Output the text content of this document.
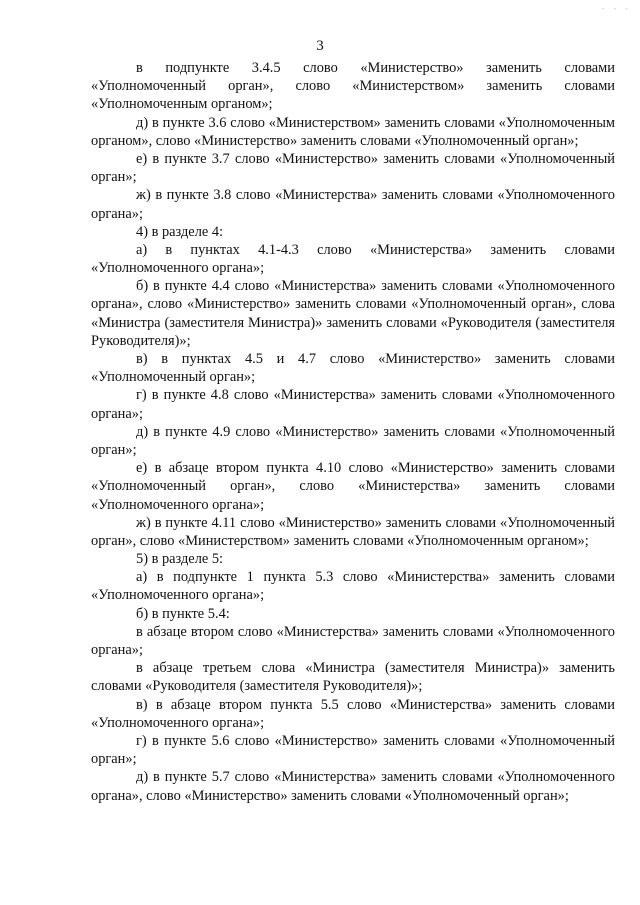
- - -
3

в подпункте 3.4.5 слово «Министерство» заменить словами «Уполномоченный орган», слово «Министерством» заменить словами «Уполномоченным органом»;

д) в пункте 3.6 слово «Министерством» заменить словами «Уполномоченным органом», слово «Министерство» заменить словами «Уполномоченный орган»;

е) в пункте 3.7 слово «Министерство» заменить словами «Уполномоченный орган»;

ж) в пункте 3.8 слово «Министерства» заменить словами «Уполномоченного органа»;

4) в разделе 4:

а) в пунктах 4.1-4.3 слово «Министерства» заменить словами «Уполномоченного органа»;

б) в пункте 4.4 слово «Министерства» заменить словами «Уполномоченного органа», слово «Министерство» заменить словами «Уполномоченный орган», слова «Министра (заместителя Министра)» заменить словами «Руководителя (заместителя Руководителя)»;

в) в пунктах 4.5 и 4.7 слово «Министерство» заменить словами «Уполномоченный орган»;

г) в пункте 4.8 слово «Министерства» заменить словами «Уполномоченного органа»;

д) в пункте 4.9 слово «Министерство» заменить словами «Уполномоченный орган»;

е) в абзаце втором пункта 4.10 слово «Министерство» заменить словами «Уполномоченный орган», слово «Министерства» заменить словами «Уполномоченного органа»;

ж) в пункте 4.11 слово «Министерство» заменить словами «Уполномоченный орган», слово «Министерством» заменить словами «Уполномоченным органом»;

5) в разделе 5:

а) в подпункте 1 пункта 5.3 слово «Министерства» заменить словами «Уполномоченного органа»;

б) в пункте 5.4:

в абзаце втором слово «Министерства» заменить словами «Уполномоченного органа»;

в абзаце третьем слова «Министра (заместителя Министра)» заменить словами «Руководителя (заместителя Руководителя)»;

в) в абзаце втором пункта 5.5 слово «Министерства» заменить словами «Уполномоченного органа»;

г) в пункте 5.6 слово «Министерство» заменить словами «Уполномоченный орган»;

д) в пункте 5.7 слово «Министерства» заменить словами «Уполномоченного органа», слово «Министерство» заменить словами «Уполномоченный орган»;
